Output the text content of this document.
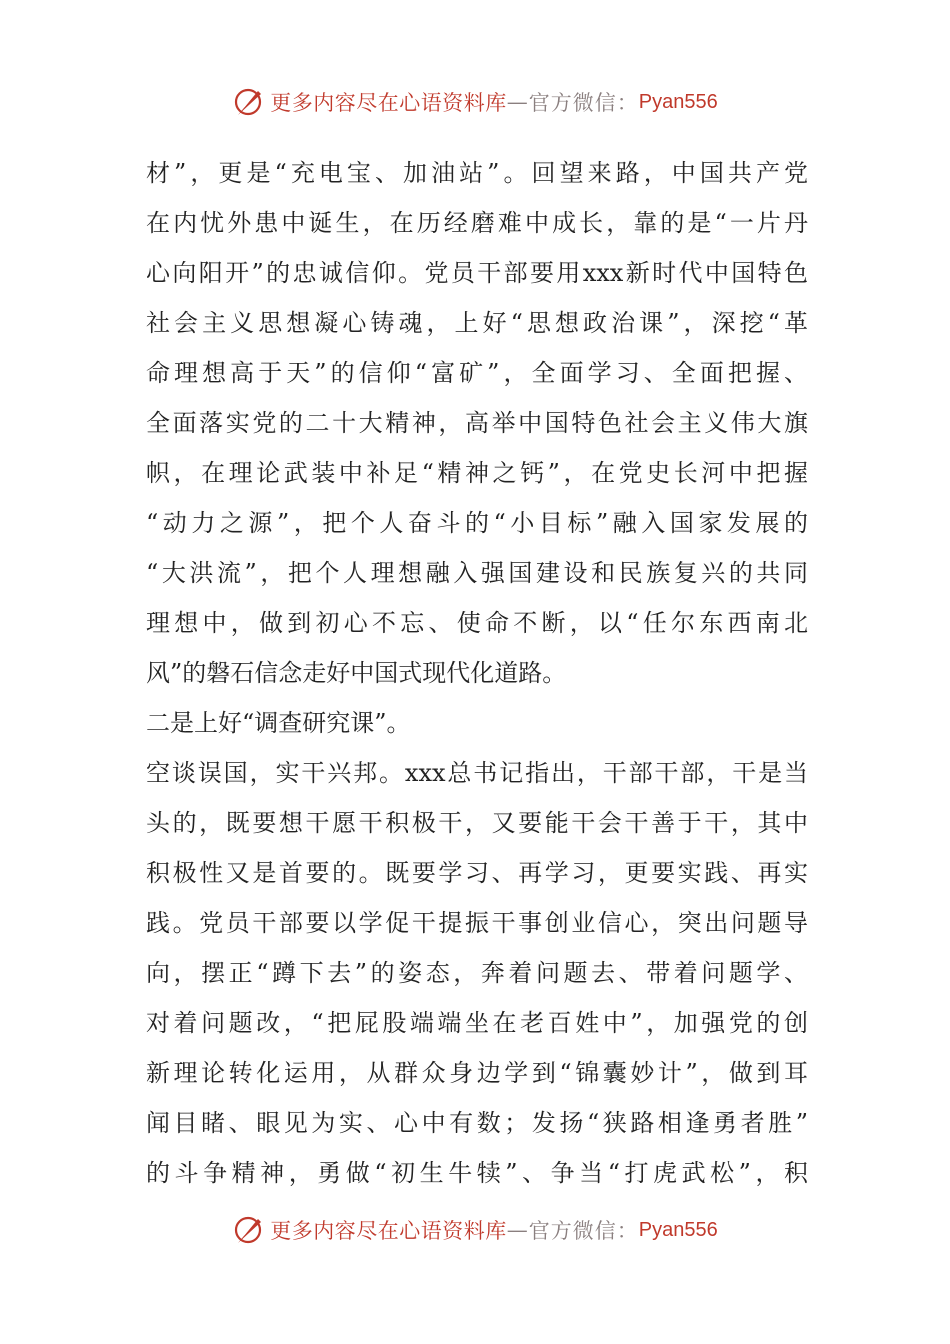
更多内容尽在心语资料库 — 官方微信： Pyan556
材”，更是“充电宝、加油站”。回望来路，中国共产党
在内忧外患中诞生，在历经磨难中成长，靠的是“一片丹
心向阳开”的忠诚信仰。党员干部要用xxx新时代中国特色
社会主义思想凝心铸魂，上好“思想政治课”，深挖“革
命理想高于天”的信仰“富矿”，全面学习、全面把握、
全面落实党的二十大精神，高举中国特色社会主义伟大旗
帜，在理论武装中补足“精神之钙”，在党史长河中把握
“动力之源”，把个人奋斗的“小目标”融入国家发展的
“大洪流”，把个人理想融入强国建设和民族复兴的共同
理想中，做到初心不忘、使命不断，以“任尔东西南北
风”的磐石信念走好中国式现代化道路。
二是上好“调查研究课”。
空谈误国，实干兴邦。xxx总书记指出，干部干部，干是当
头的，既要想干愿干积极干，又要能干会干善于干，其中
积极性又是首要的。既要学习、再学习，更要实践、再实
践。党员干部要以学促干提振干事创业信心，突出问题导
向，摆正“蹲下去”的姿态，奔着问题去、带着问题学、
对着问题改，“把屁股端端坐在老百姓中”，加强党的创
新理论转化运用，从群众身边学到“锦囊妙计”，做到耳
闻目睹、眼见为实、心中有数；发扬“狭路相逢勇者胜”
的斗争精神，勇做“初生牛犊”、争当“打虎武松”，积
更多内容尽在心语资料库 — 官方微信： Pyan556
